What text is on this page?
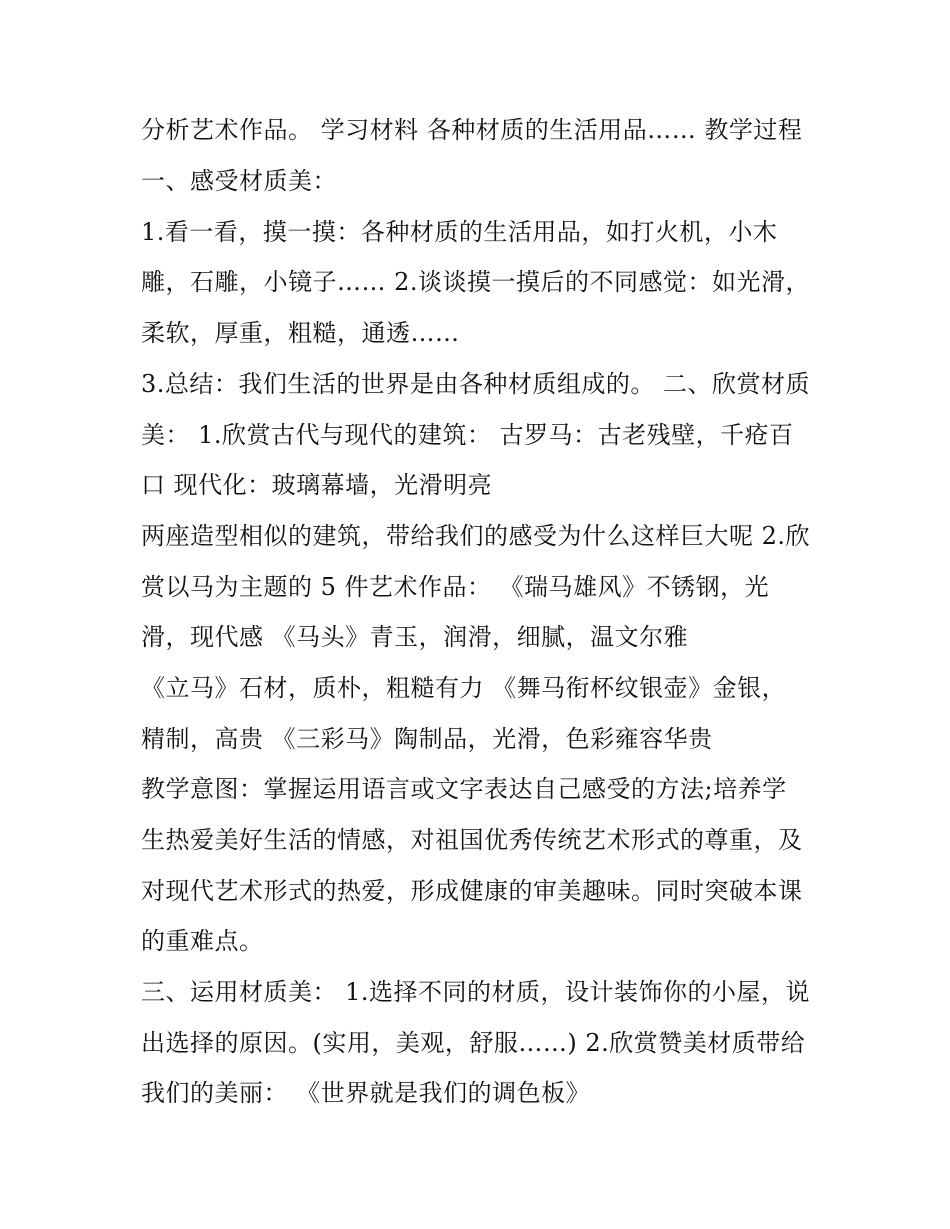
分析艺术作品。 学习材料 各种材质的生活用品…… 教学过程
一、感受材质美：
1.看一看，摸一摸：各种材质的生活用品，如打火机，小木
雕，石雕，小镜子…… 2.谈谈摸一摸后的不同感觉：如光滑，
柔软，厚重，粗糙，通透……
3.总结：我们生活的世界是由各种材质组成的。 二、欣赏材质
美： 1.欣赏古代与现代的建筑： 古罗马：古老残壁，千疮百
口 现代化：玻璃幕墙，光滑明亮
两座造型相似的建筑，带给我们的感受为什么这样巨大呢 2.欣
赏以马为主题的 5 件艺术作品： 《瑞马雄风》不锈钢，光
滑，现代感 《马头》青玉，润滑，细腻，温文尔雅
《立马》石材，质朴，粗糙有力 《舞马衔杯纹银壶》金银，
精制，高贵 《三彩马》陶制品，光滑，色彩雍容华贵
教学意图：掌握运用语言或文字表达自己感受的方法;培养学
生热爱美好生活的情感，对祖国优秀传统艺术形式的尊重，及
对现代艺术形式的热爱，形成健康的审美趣味。同时突破本课
的重难点。
三、运用材质美： 1.选择不同的材质，设计装饰你的小屋，说
出选择的原因。(实用，美观，舒服……) 2.欣赏赞美材质带给
我们的美丽： 《世界就是我们的调色板》
